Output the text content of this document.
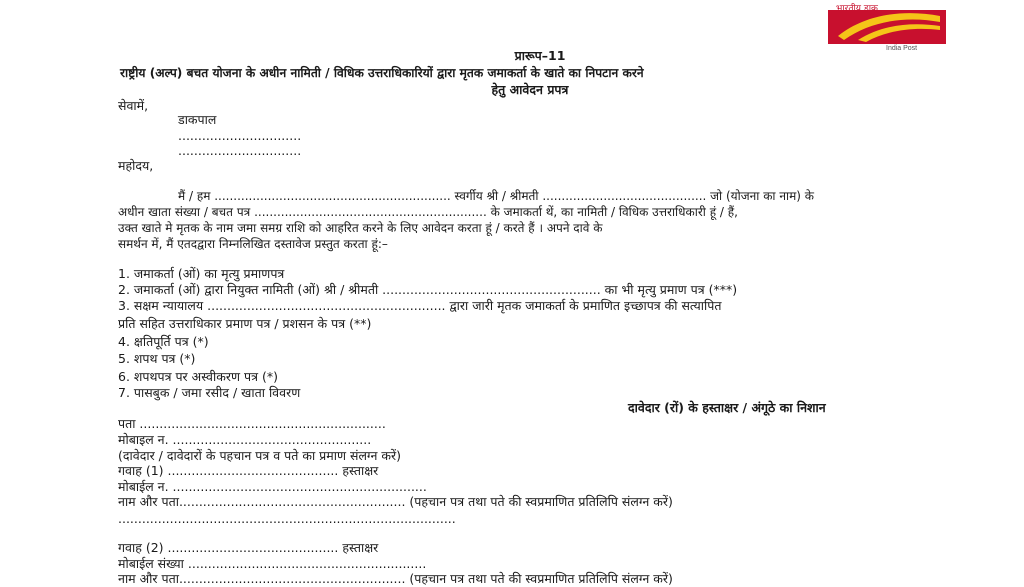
भारतीय डाक
India Post
प्रारूप–11
राष्ट्रीय (अल्प) बचत योजना के अधीन नामिती / विधिक उत्तराधिकारियों द्वारा मृतक जमाकर्ता के खाते का निपटान करने
हेतु आवेदन प्रपत्र
सेवामें,
डाकपाल
...............................
...............................
महोदय,
मैं / हम .............................................................. स्वर्गीय श्री / श्रीमती ........................................... जो (योजना का नाम) के
अधीन खाता संख्या / बचत पत्र ............................................................. के जमाकर्ता थें, का नामिती / विधिक उत्तराधिकारी हूं / हैं,
उक्त खाते मे मृतक के नाम जमा समग्र राशि को आहरित करने के लिए आवेदन करता हूं / करते हैं । अपने दावे के
समर्थन में, मैं एतदद्वारा निम्नलिखित दस्तावेज प्रस्तुत करता हूं:–
1. जमाकर्ता (ओं) का मृत्यु प्रमाणपत्र
2. जमाकर्ता (ओं) द्वारा नियुक्त नामिती (ओं) श्री / श्रीमती ....................................................... का भी मृत्यु प्रमाण पत्र (***)
3. सक्षम न्यायालय ............................................................ द्वारा जारी मृतक जमाकर्ता के प्रमाणित इच्छापत्र की सत्यापित
प्रति सहित उत्तराधिकार प्रमाण पत्र / प्रशसन के पत्र (**)
4. क्षतिपूर्ति पत्र (*)
5. शपथ पत्र (*)
6. शपथपत्र पर अस्वीकरण पत्र (*)
7. पासबुक / जमा रसीद / खाता विवरण
दावेदार (रों) के हस्ताक्षर / अंगूठे का निशान
पता ..............................................................
मोबाइल न. ..................................................
(दावेदार / दावेदारों के पहचान पत्र व पते का प्रमाण संलग्न करें)
गवाह (1) ........................................... हस्ताक्षर
मोबाईल न. ................................................................
नाम और पता......................................................... (पहचान पत्र तथा पते की स्वप्रमाणित प्रतिलिपि संलग्न करें)
.....................................................................................
गवाह (2) ........................................... हस्ताक्षर
मोबाईल संख्या ............................................................
नाम और पता......................................................... (पहचान पत्र तथा पते की स्वप्रमाणित प्रतिलिपि संलग्न करें)
